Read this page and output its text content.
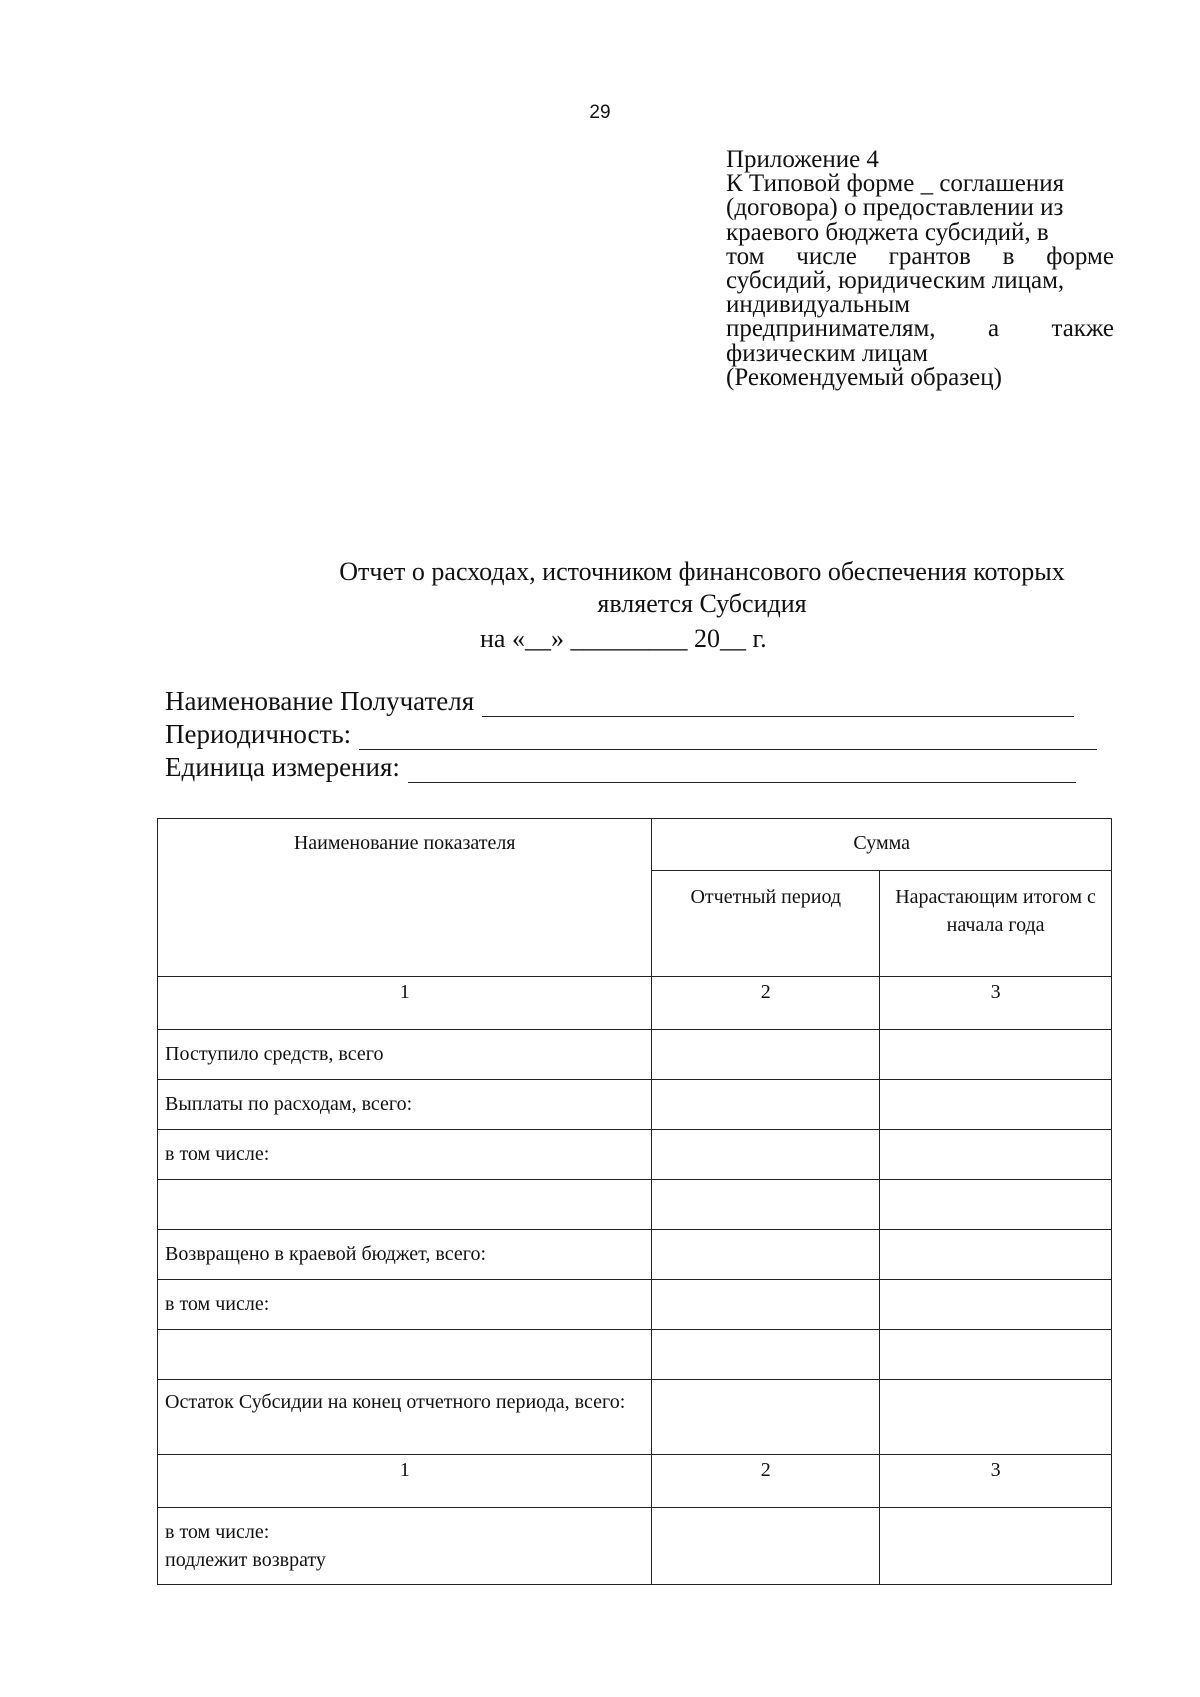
29
Приложение 4
К Типовой форме _ соглашения
(договора) о предоставлении из
краевого бюджета субсидий, в
том числе грантов в форме
субсидий, юридическим лицам,
индивидуальным
предпринимателям, а также
физическим лицам
(Рекомендуемый образец)
Отчет о расходах, источником финансового обеспечения которых
является Субсидия
на «__» _________ 20__ г.
Наименование Получателя
Периодичность:
Единица измерения:
Наименование показателя	Сумма	
	Отчетный период	Нарастающим итогом с начала года
1	2	3
Поступило средств, всего		
Выплаты по расходам, всего:		
в том числе:		

Возвращено в краевой бюджет, всего:		
в том числе:		

Остаток Субсидии на конец отчетного периода, всего:		
1	2	3

в том числе:
подлежит возврату		
